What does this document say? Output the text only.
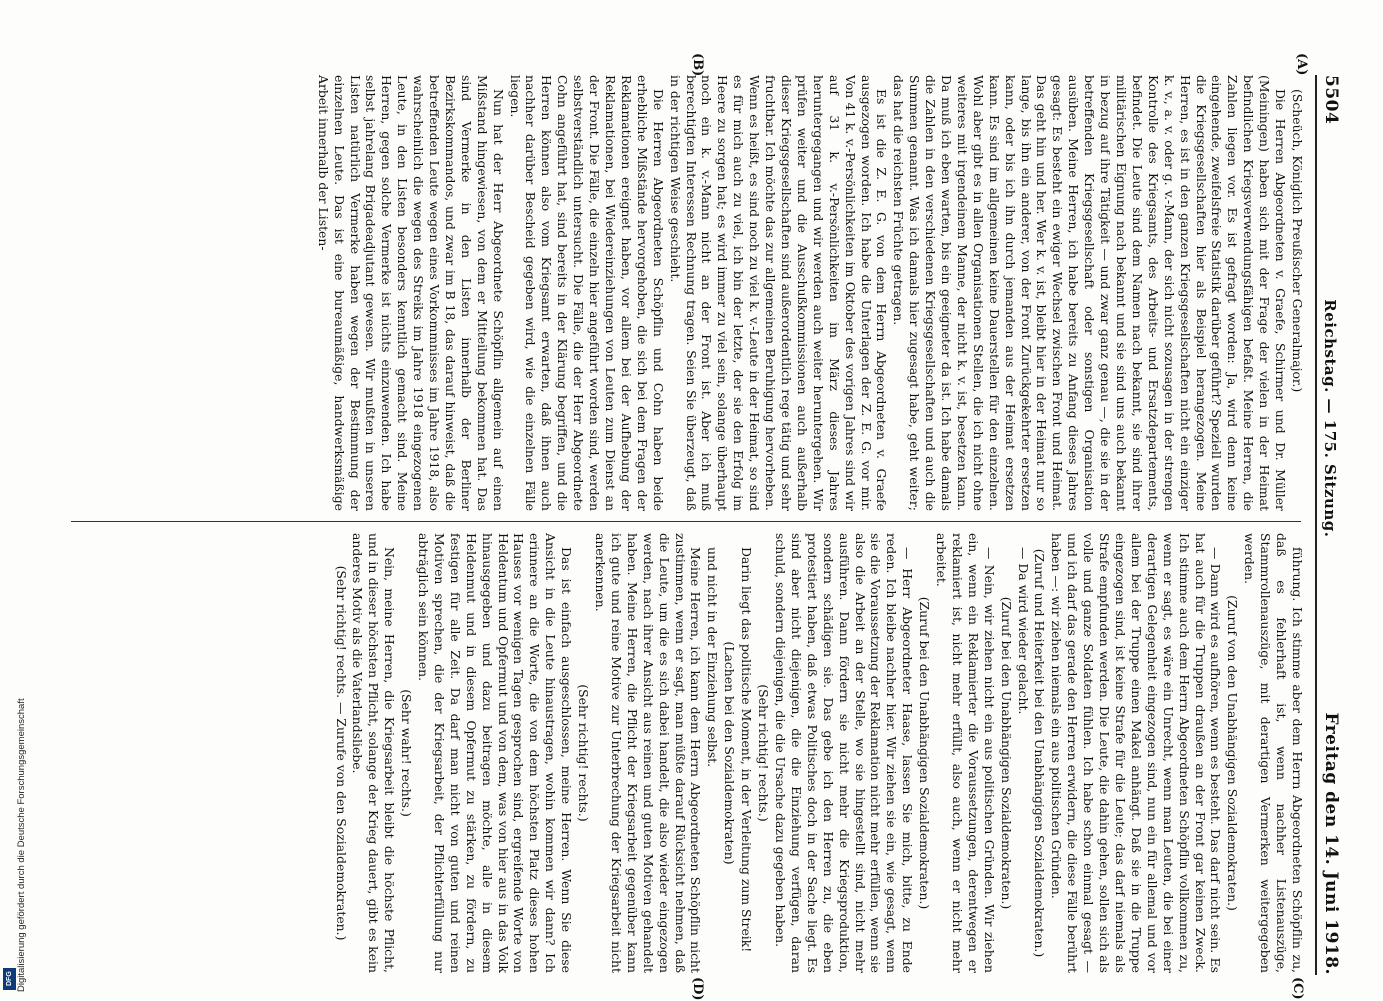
5504
Reichstag. — 175. Sitzung.
Freitag den 14. Juni 1918.
(A)
(B)
(C)
(D)

(Scheüch, Königlich Preußischer Generalmajor.)

Die Herren Abgeordneten v. Graefe, Schirmer und Dr. Müller (Meiningen) haben sich mit der Frage der vielen in der Heimat befindlichen Kriegsverwendungsfähigen befaßt. Meine Herren, die Zahlen liegen vor. Es ist gefragt worden: Ja, wird denn keine eingehende, zweifelsfreie Statistik darüber geführt? Speziell wurden die Kriegsgesellschaften hier als Beispiel herangezogen. Meine Herren, es ist in den ganzen Kriegsgesellschaften nicht ein einziger k. v., a. v. oder g. v.-Mann, der sich nicht sozusagen in der strengen Kontrolle des Kriegsamts, des Arbeits- und Ersatzdepartements, befindet. Die Leute sind dem Namen nach bekannt, sie sind ihrer militärischen Eignung nach bekannt und sie sind uns auch bekannt in bezug auf ihre Tätigkeit — und zwar ganz genau —, die sie in der betreffenden Kriegsgesellschaft oder sonstigen Organisation ausüben. Meine Herren, ich habe bereits zu Anfang dieses Jahres gesagt: Es besteht ein ewiger Wechsel zwischen Front und Heimat. Das geht hin und her. Wer k. v. ist, bleibt hier in der Heimat nur so lange, bis ihn ein anderer, von der Front Zurückgekehrter ersetzen kann, oder bis ich ihn durch jemanden aus der Heimat ersetzen kann. Es sind im allgemeinen keine Dauerstellen für den einzelnen. Wohl aber gibt es in allen Organisationen Stellen, die ich nicht ohne weiteres mit irgendeinem Manne, der nicht k. v. ist, besetzen kann. Da muß ich eben warten, bis ein geeigneter da ist. Ich habe damals die Zahlen in den verschiedenen Kriegsgesellschaften und auch die Summen genannt. Was ich damals hier zugesagt habe, geht weiter; das hat die reichsten Früchte getragen.

Es ist die Z. E. G. von dem Herrn Abgeordneten v. Graefe ausgezogen worden. Ich habe die Unterlagen der Z. E. G. vor mir. Von 41 k. v.-Persönlichkeiten im Oktober des vorigen Jahres sind wir auf 31 k. v.-Persönlichkeiten im März dieses Jahres heruntergegangen und wir werden auch weiter heruntergehen. Wir prüfen weiter und die Ausschußkommissionen auch außerhalb dieser Kriegsgesellschaften sind außerordentlich rege tätig und sehr fruchtbar. Ich möchte das zur allgemeinen Beruhigung hervorheben. Wenn es heißt, es sind noch zu viel k. v.-Leute in der Heimat, so sind es für mich auch zu viel, ich bin der letzte, der sie den Erfolg im Heere zu sorgen hat; es wird immer zu viel sein, solange überhaupt noch ein k. v.-Mann nicht an der Front ist. Aber ich muß berechtigten Interessen Rechnung tragen. Seien Sie überzeugt, daß in der richtigen Weise geschieht.

Die Herren Abgeordneten Schöpflin und Cohn haben beide erhebliche Mißstände hervorgehoben, die sich bei dem Fragen der Reklamationen ereignet haben, vor allem bei der Aufhebung der Reklamationen, bei Wiedereinziehungen von Leuten zum Dienst an der Front. Die Fälle, die einzeln hier angeführt worden sind, werden selbstverständlich untersucht. Die Fälle, die der Herr Abgeordnete Cohn angeführt hat, sind bereits in der Klärung begriffen, und die Herren können also vom Kriegsamt erwarten, daß ihnen auch nachher darüber Bescheid gegeben wird, wie die einzelnen Fälle liegen.

Nun hat der Herr Abgeordnete Schöpflin allgemein auf einen Mißstand hingewiesen, von dem er Mitteilung bekommen hat. Das sind Vermerke in den Listen innerhalb der Berliner Bezirkskommandos, und zwar im B 18, das darauf hinweist, daß die betreffenden Leute wegen eines Vorkommnisses im Jahre 1918, also wahrscheinlich die wegen des Streiks im Jahre 1918 eingezogenen Leute, in den Listen besonders kenntlich gemacht sind. Meine Herren, gegen solche Vermerke ist nichts einzuwenden. Ich habe selbst jahrelang Brigadeadjutant gewesen. Wir mußten in unseren Listen natürlich Vermerke haben wegen der Bestimmung der einzelnen Leute. Das ist eine bureaumäßige, handwerksmäßige Arbeit innerhalb der Listen-

führung. Ich stimme aber dem Herrn Abgeordneten Schöpflin zu, daß es fehlerhaft ist, wenn nachher Listenauszüge, Stammrollenauszüge, mit derartigen Vermerken weitergegeben werden.

(Zuruf von den Unabhängigen Sozialdemokraten.)

— Dann wird es aufhören, wenn es besteht. Das darf nicht sein. Es hat auch für die Truppen draußen an der Front gar keinen Zweck. Ich stimme auch dem Herrn Abgeordneten Schöpflin vollkommen zu, wenn er sagt, es wäre ein Unrecht, wenn man Leuten, die bei einer derartigen Gelegenheit eingezogen sind, nun ein für allemal und vor allem bei der Truppe einen Makel anhängt. Daß sie in die Truppe eingezogen sind, ist keine Strafe für die Leute; das darf niemals als Strafe empfunden werden. Die Leute, die dahin gehen, sollen sich als volle und ganze Soldaten fühlen. Ich habe schon einmal gesagt — und ich darf das gerade den Herren erwidern, die diese Fälle berührt haben —: wir ziehen niemals ein aus politischen Gründen.

(Zuruf und Heiterkeit bei den Unabhängigen Sozialdemokraten.)

— Da wird wieder gelacht.

(Zuruf bei den Unabhängigen Sozialdemokraten.)

— Nein, wir ziehen nicht ein aus politischen Gründen. Wir ziehen ein, wenn ein Reklamierter die Voraussetzungen, derentwegen er reklamiert ist, nicht mehr erfüllt, also auch, wenn er nicht mehr arbeitet.

(Zuruf bei den Unabhängigen Sozialdemokraten.)

— Herr Abgeordneter Haase, lassen Sie mich, bitte, zu Ende reden. Ich bleibe nachher hier. Wir ziehen sie ein, wie gesagt, wenn sie die Voraussetzung der Reklamation nicht mehr erfüllen, wenn sie also die Arbeit an der Stelle, wo sie hingestellt sind, nicht mehr ausführen. Dann fördern sie nicht mehr die Kriegsproduktion, sondern schädigen sie. Das gebe ich den Herren zu, die eben protestiert haben, daß etwas Politisches doch in der Sache liegt. Es sind aber nicht diejenigen, die die Einziehung verfügen, daran schuld, sondern diejenigen, die die Ursache dazu gegeben haben.

(Sehr richtig! rechts.)

Darin liegt das politische Moment, in der Verleitung zum Streik!

(Lachen bei den Sozialdemokraten)

und nicht in der Einziehung selbst.

Meine Herren, ich kann dem Herrn Abgeordneten Schöpflin nicht zustimmen, wenn er sagt, man müßte darauf Rücksicht nehmen, daß die Leute, um die es sich dabei handelt, die also wieder eingezogen werden, nach ihrer Ansicht aus reinen und guten Motiven gehandelt haben. Meine Herren, die Pflicht der Kriegsarbeit gegenüber kann ich gute und reine Motive zur Unterbrechung der Kriegsarbeit nicht anerkennen.

(Sehr richtig! rechts.)

Das ist einfach ausgeschlossen, meine Herren. Wenn Sie diese Ansicht in die Leute hinaustragen, wohin kommen wir dann? Ich erinnere an die Worte, die von dem höchsten Platz dieses hohen Hauses vor wenigen Tagen gesprochen sind, ergreifende Worte von Heldentum und Opfermut und von dem, was von hier aus in das Volk hinausgegeben und dazu beitragen möchte, alle in diesem Heldenmut und in diesem Opfermut zu stärken, zu fördern, zu festigen für alle Zeit. Da darf man nicht von guten und reinen Motiven sprechen, die der Kriegsarbeit, der Pflichterfüllung nur abträglich sein können.

(Sehr wahr! rechts.)

Nein, meine Herren, die Kriegsarbeit bleibt die höchste Pflicht, und in dieser höchsten Pflicht, solange der Krieg dauert, gibt es kein anderes Motiv als die Vaterlandsliebe.

(Sehr richtig! rechts. — Zurufe von den Sozialdemokraten.)

Digitalisierung gefördert durch die Deutsche Forschungsgemeinschaft
DFG
